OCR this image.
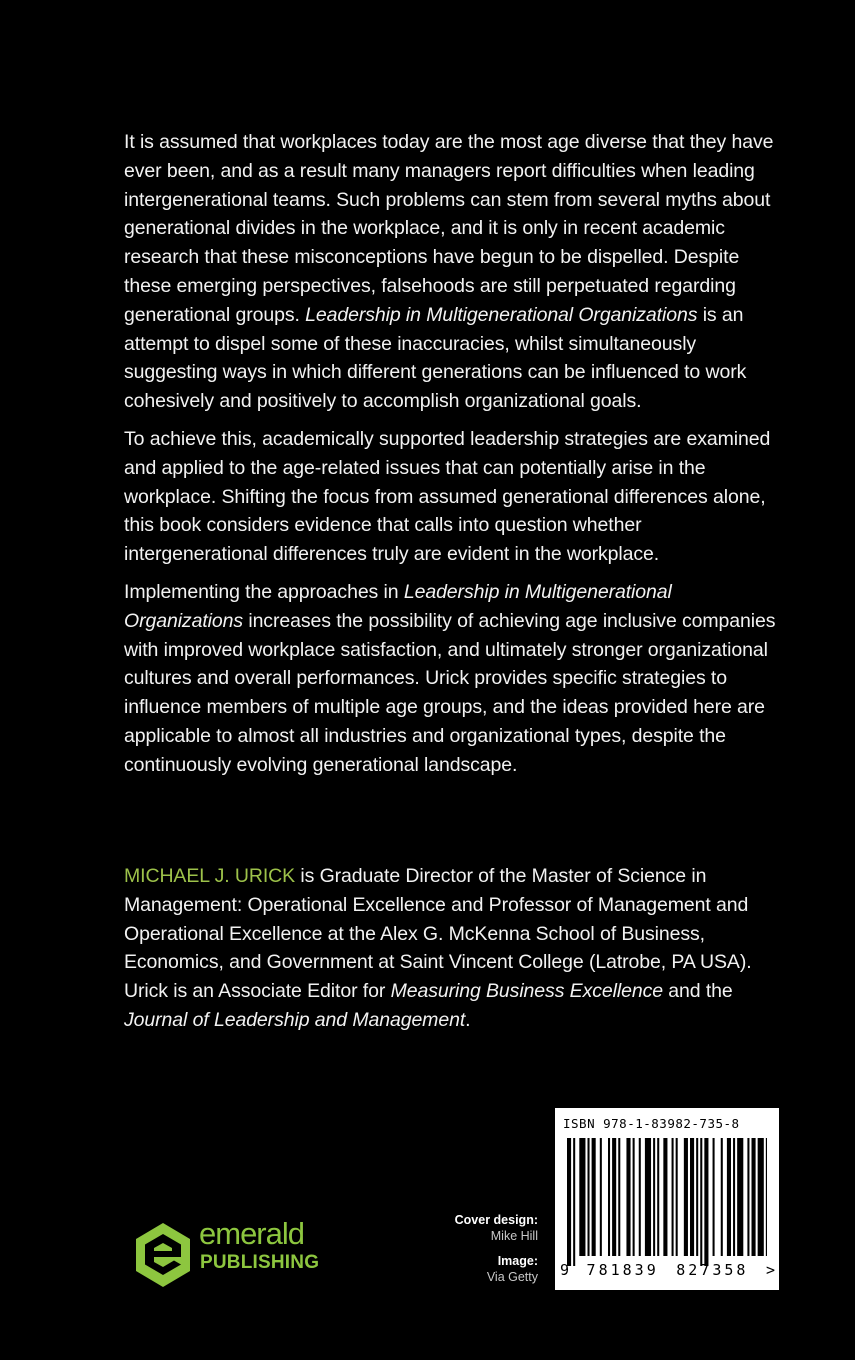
It is assumed that workplaces today are the most age diverse that they have ever been, and as a result many managers report difficulties when leading intergenerational teams. Such problems can stem from several myths about generational divides in the workplace, and it is only in recent academic research that these misconceptions have begun to be dispelled. Despite these emerging perspectives, falsehoods are still perpetuated regarding generational groups. Leadership in Multigenerational Organizations is an attempt to dispel some of these inaccuracies, whilst simultaneously suggesting ways in which different generations can be influenced to work cohesively and positively to accomplish organizational goals.

To achieve this, academically supported leadership strategies are examined and applied to the age-related issues that can potentially arise in the workplace. Shifting the focus from assumed generational differences alone, this book considers evidence that calls into question whether intergenerational differences truly are evident in the workplace.

Implementing the approaches in Leadership in Multigenerational Organizations increases the possibility of achieving age inclusive companies with improved workplace satisfaction, and ultimately stronger organizational cultures and overall performances. Urick provides specific strategies to influence members of multiple age groups, and the ideas provided here are applicable to almost all industries and organizational types, despite the continuously evolving generational landscape.

MICHAEL J. URICK is Graduate Director of the Master of Science in Management: Operational Excellence and Professor of Management and Operational Excellence at the Alex G. McKenna School of Business, Economics, and Government at Saint Vincent College (Latrobe, PA USA). Urick is an Associate Editor for Measuring Business Excellence and the Journal of Leadership and Management.

emerald
PUBLISHING
Cover design:
Mike Hill
Image:
Via Getty
ISBN 978-1-83982-735-8
9 781839 827358 >
